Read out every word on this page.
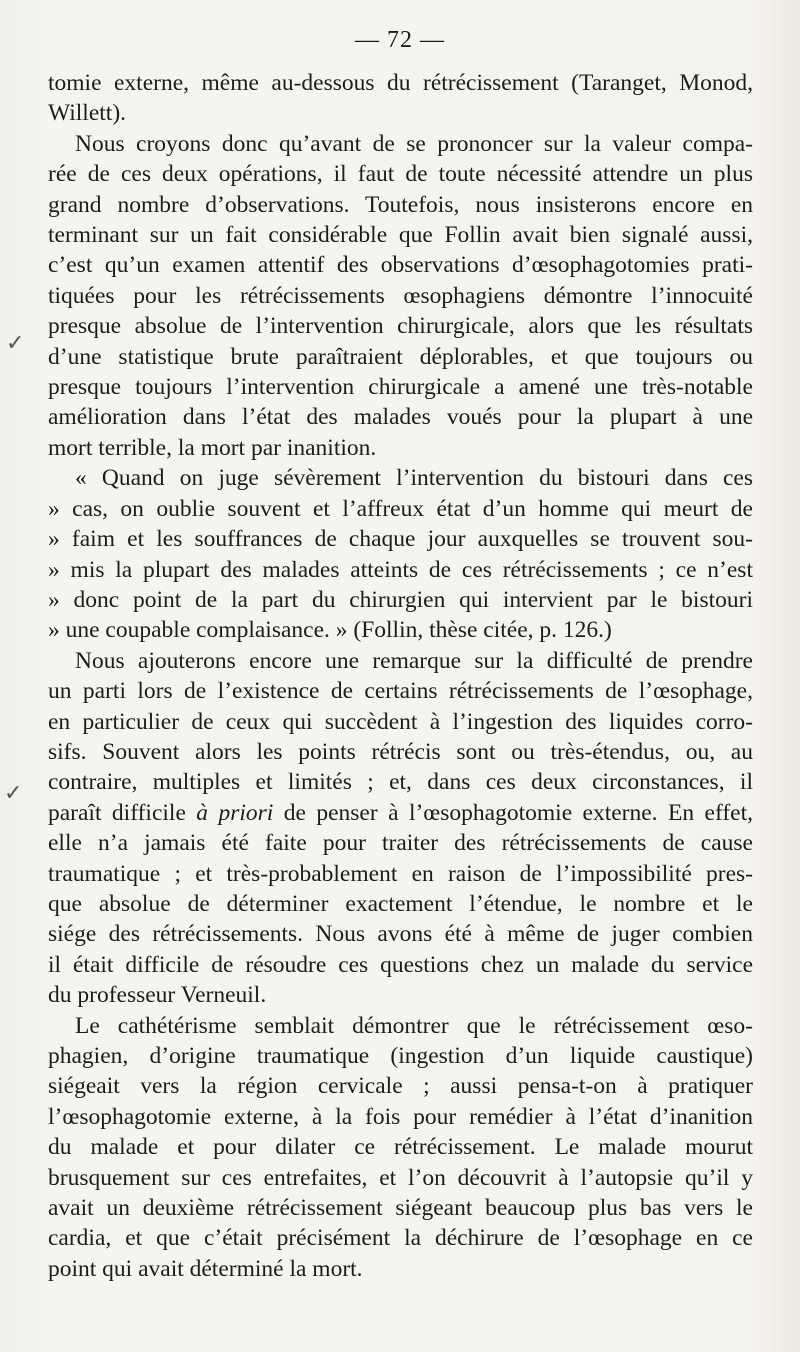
— 72 —
tomie externe, même au-dessous du rétrécissement (Taranget, Monod,
Willett).
Nous croyons donc qu’avant de se prononcer sur la valeur compa-
rée de ces deux opérations, il faut de toute nécessité attendre un plus
grand nombre d’observations. Toutefois, nous insisterons encore en
terminant sur un fait considérable que Follin avait bien signalé aussi,
c’est qu’un examen attentif des observations d’œsophagotomies prati-
tiquées pour les rétrécissements œsophagiens démontre l’innocuité
presque absolue de l’intervention chirurgicale, alors que les résultats
d’une statistique brute paraîtraient déplorables, et que toujours ou
presque toujours l’intervention chirurgicale a amené une très-notable
amélioration dans l’état des malades voués pour la plupart à une
mort terrible, la mort par inanition.
« Quand on juge sévèrement l’intervention du bistouri dans ces
» cas, on oublie souvent et l’affreux état d’un homme qui meurt de
» faim et les souffrances de chaque jour auxquelles se trouvent sou-
» mis la plupart des malades atteints de ces rétrécissements ; ce n’est
» donc point de la part du chirurgien qui intervient par le bistouri
» une coupable complaisance. » (Follin, thèse citée, p. 126.)
Nous ajouterons encore une remarque sur la difficulté de prendre
un parti lors de l’existence de certains rétrécissements de l’œsophage,
en particulier de ceux qui succèdent à l’ingestion des liquides corro-
sifs. Souvent alors les points rétrécis sont ou très-étendus, ou, au
contraire, multiples et limités ; et, dans ces deux circonstances, il
paraît difficile à priori de penser à l’œsophagotomie externe. En effet,
elle n’a jamais été faite pour traiter des rétrécissements de cause
traumatique ; et très-probablement en raison de l’impossibilité pres-
que absolue de déterminer exactement l’étendue, le nombre et le
siége des rétrécissements. Nous avons été à même de juger combien
il était difficile de résoudre ces questions chez un malade du service
du professeur Verneuil.
Le cathétérisme semblait démontrer que le rétrécissement œso-
phagien, d’origine traumatique (ingestion d’un liquide caustique)
siégeait vers la région cervicale ; aussi pensa-t-on à pratiquer
l’œsophagotomie externe, à la fois pour remédier à l’état d’inanition
du malade et pour dilater ce rétrécissement. Le malade mourut
brusquement sur ces entrefaites, et l’on découvrit à l’autopsie qu’il y
avait un deuxième rétrécissement siégeant beaucoup plus bas vers le
cardia, et que c’était précisément la déchirure de l’œsophage en ce
point qui avait déterminé la mort.
✓
✓
